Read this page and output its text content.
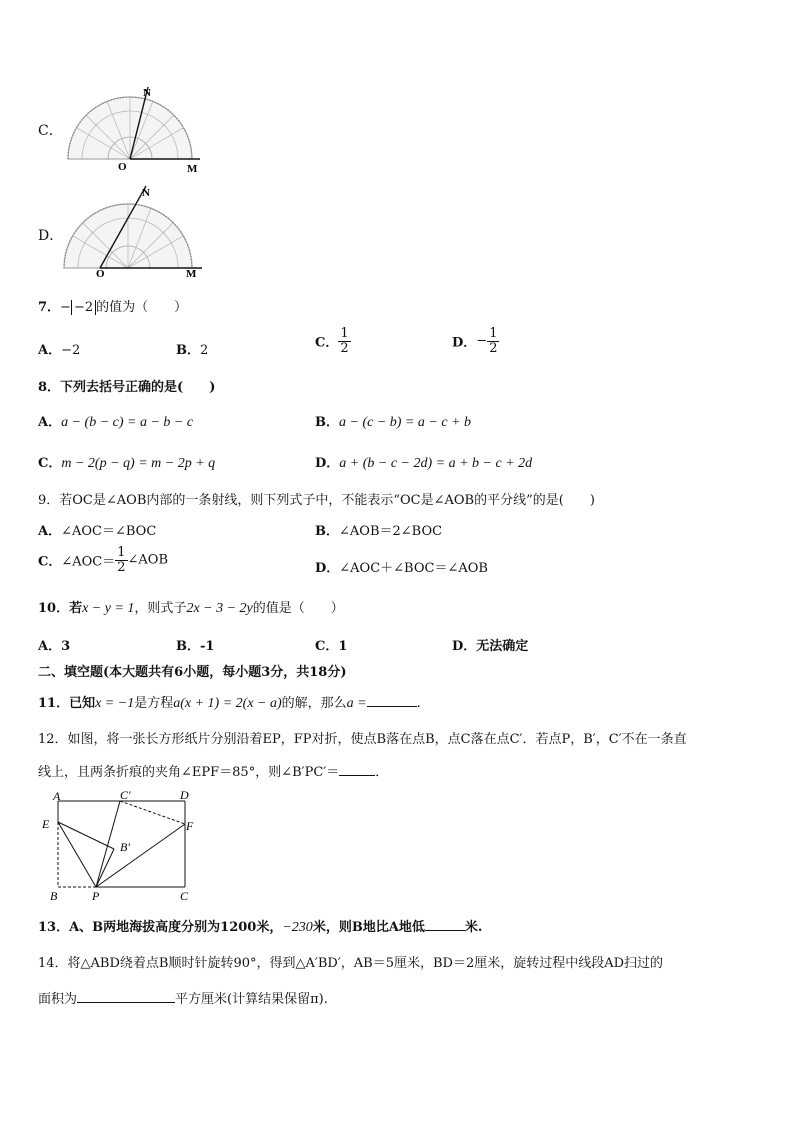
C．
N
O	M
D．
N
O	M
7．− −2 的值为（　　）
A．−2	B．2	C． $\frac{1}{2}$	D．− $\frac{1}{2}$
8．下列去括号正确的是(　　)
A．a − (b − c) = a − b − c	B．a − (c − b) = a − c + b
C．m − 2(p − q) = m − 2p + q	D．a + (b − c − 2d) = a + b − c + 2d
9．若OC是∠AOB内部的一条射线，则下列式子中，不能表示“OC是∠AOB的平分线”的是(　　)
A．∠AOC＝∠BOC	B．∠AOB＝2∠BOC
C．∠AOC＝ $\frac{1}{2}$ ∠AOB
D．∠AOC＋∠BOC＝∠AOB
10．若x − y = 1，则式子2x − 3 − 2y的值是（　　）
A．3	B．-1	C．1	D．无法确定
二、填空题(本大题共有6小题，每小题3分，共18分)
11．已知x = −1是方程a(x + 1) = 2(x − a)的解，那么a =	.
12．如图，将一张长方形纸片分别沿着EP，FP对折，使点B落在点B，点C落在点C′．若点P，B′，C′不在一条直
线上，且两条折痕的夹角∠EPF＝85°，则∠B′PC′＝	．
A	C′	D
E	F
B′
B	P	C
13．A、B两地海拔高度分别为1200米，−230米，则B地比A地低	米.
14．将△ABD绕着点B顺时针旋转90°，得到△A′BD′，AB＝5厘米，BD＝2厘米，旋转过程中线段AD扫过的
面积为	平方厘米(计算结果保留π).
